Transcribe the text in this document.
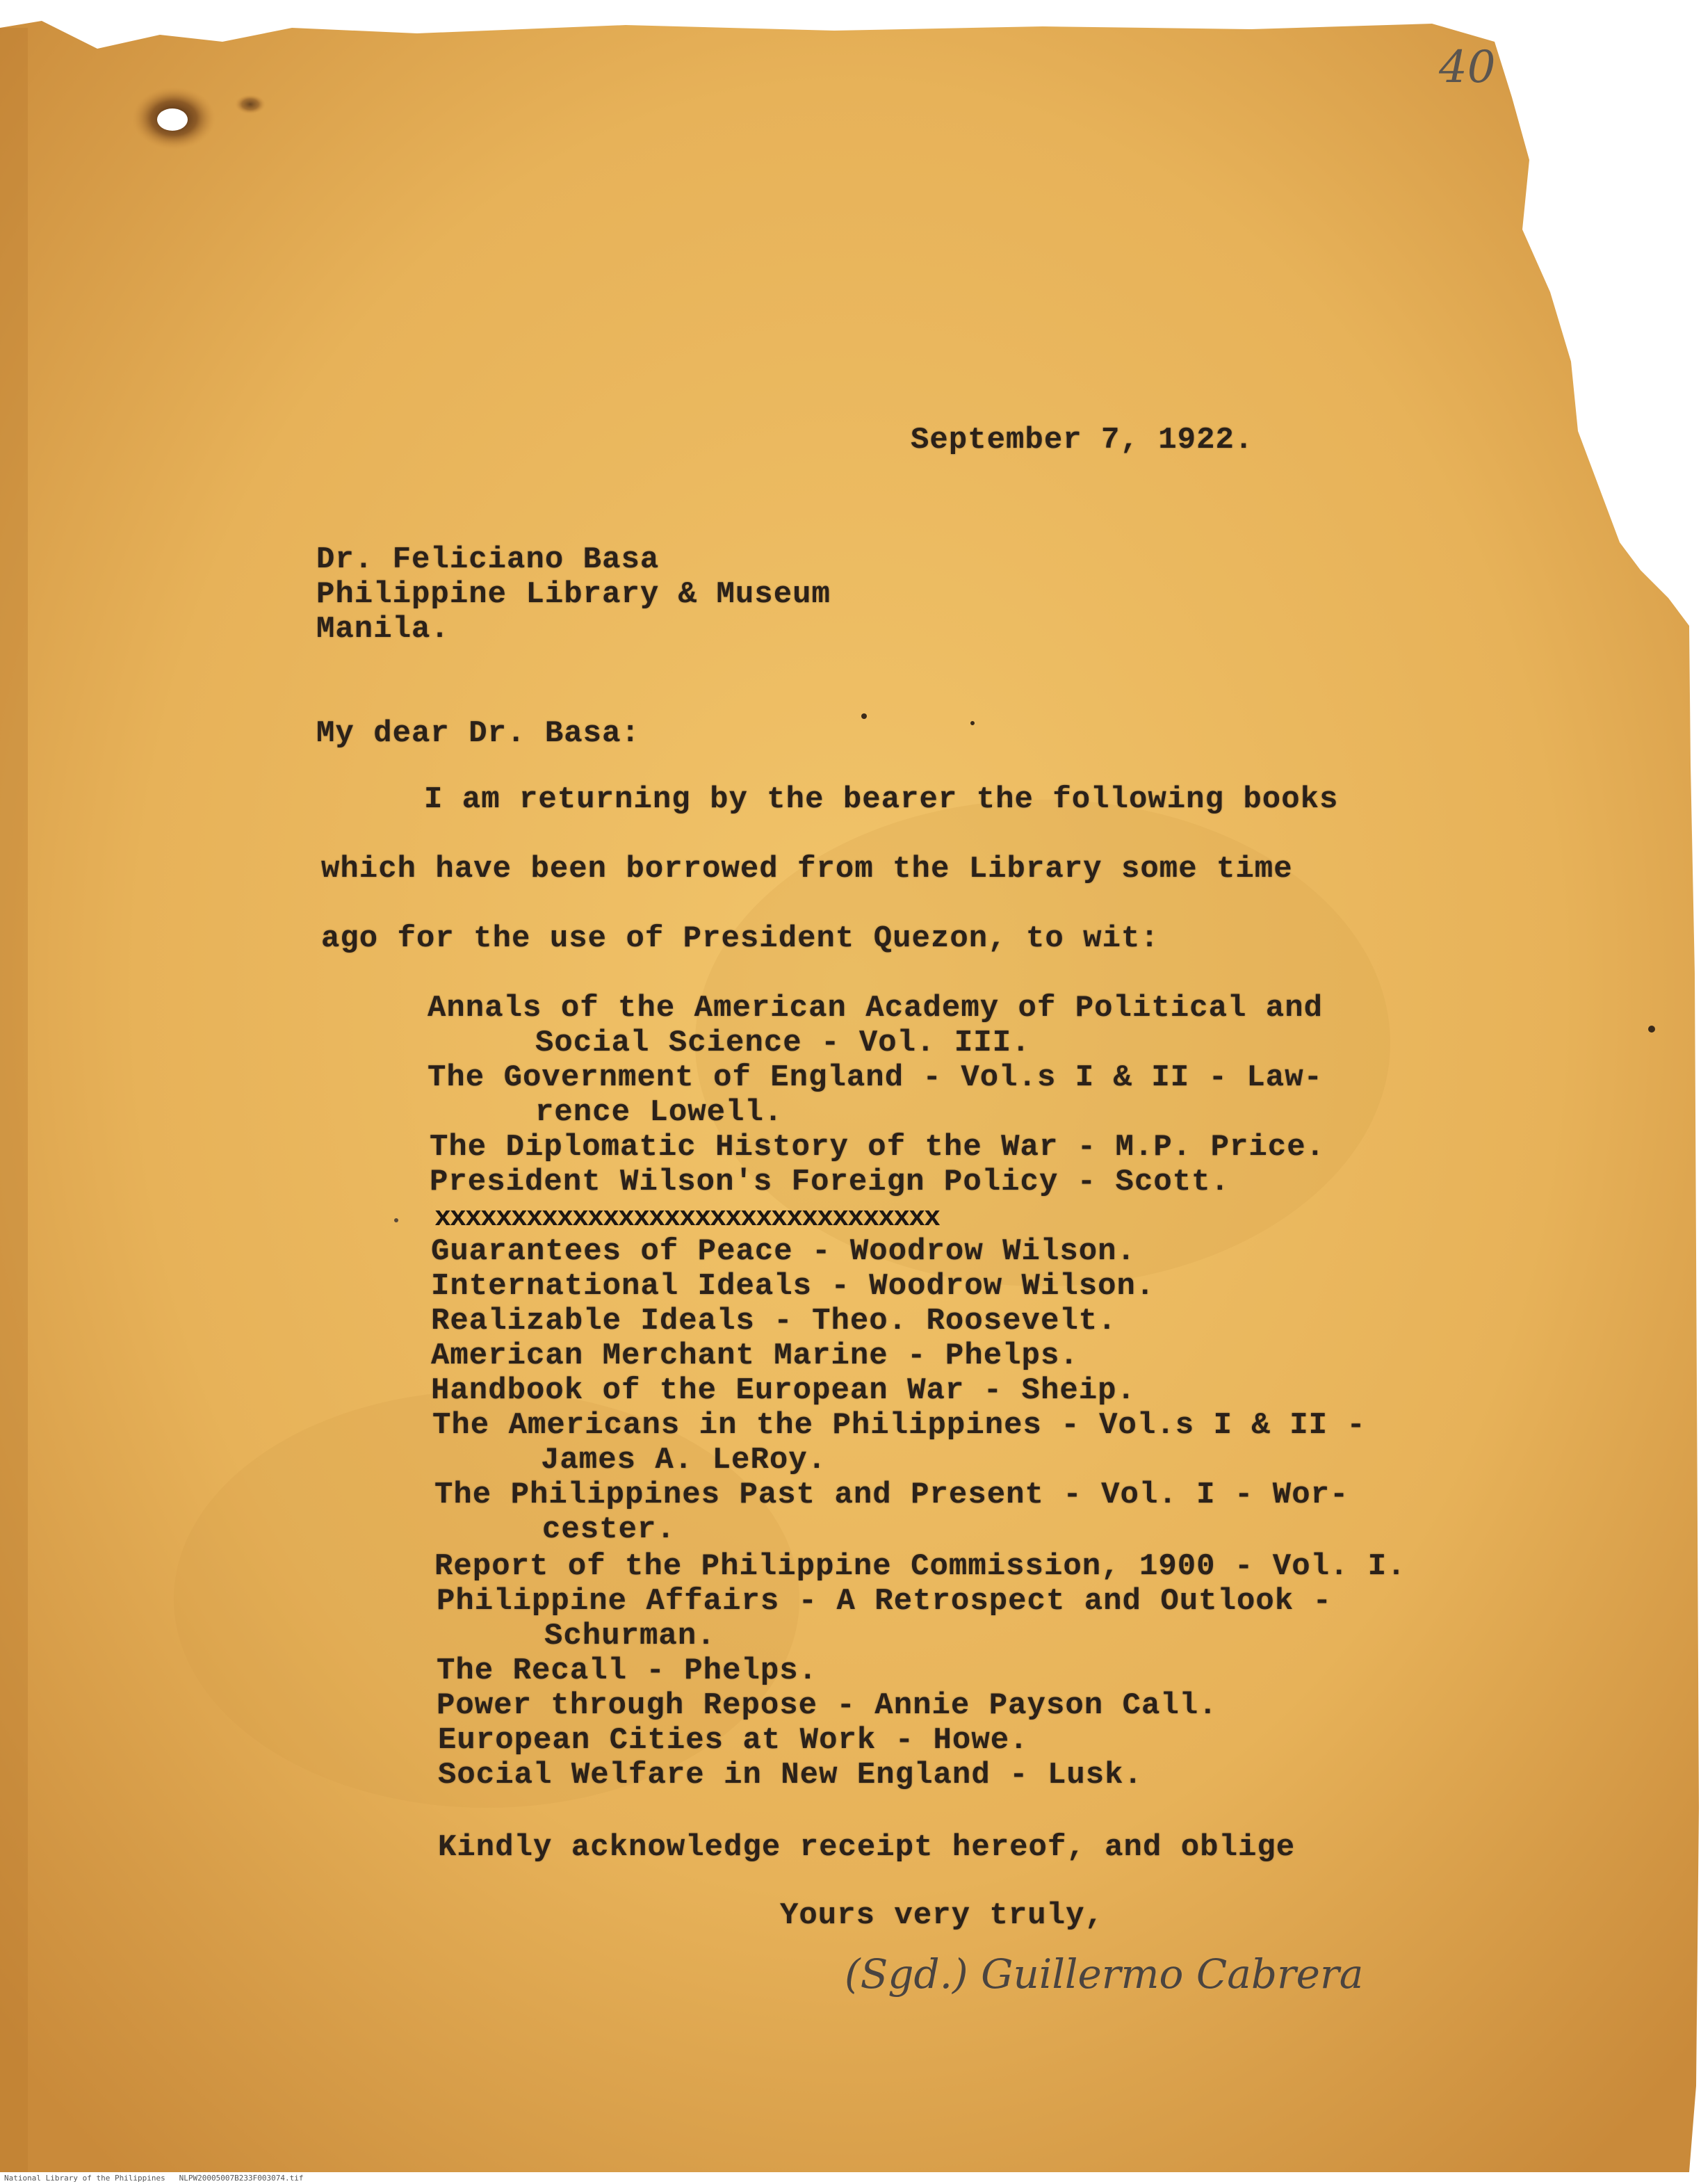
40
September 7, 1922.
Dr. Feliciano Basa
Philippine Library & Museum
Manila.
My dear Dr. Basa:
I am returning by the bearer the following books
which have been borrowed from the Library some time
ago for the use of President Quezon, to wit:
Annals of the American Academy of Political and
Social Science - Vol. III.
The Government of England - Vol.s I & II - Law-
rence Lowell.
The Diplomatic History of the War - M.P. Price.
President Wilson's Foreign Policy - Scott.
xxxxxxxxxxxxxxxxxxxxxxxxxxxxxxxxx
Guarantees of Peace - Woodrow Wilson.
International Ideals - Woodrow Wilson.
Realizable Ideals - Theo. Roosevelt.
American Merchant Marine - Phelps.
Handbook of the European War - Sheip.
The Americans in the Philippines - Vol.s I & II -
James A. LeRoy.
The Philippines Past and Present - Vol. I - Wor-
cester.
Report of the Philippine Commission, 1900 - Vol. I.
Philippine Affairs - A Retrospect and Outlook -
Schurman.
The Recall - Phelps.
Power through Repose - Annie Payson Call.
European Cities at Work - Howe.
Social Welfare in New England - Lusk.
Kindly acknowledge receipt hereof, and oblige
Yours very truly,
(Sgd.) Guillermo Cabrera
National Library of the Philippines   NLPW20005007B233F003074.tif
